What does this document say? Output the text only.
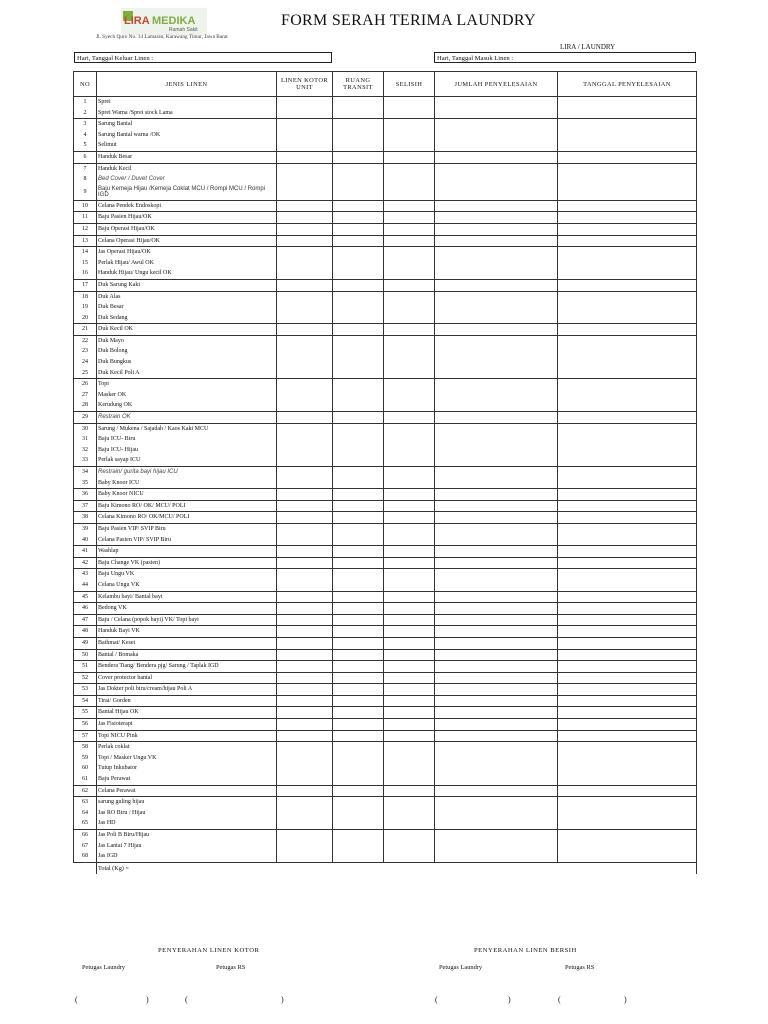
LIRA MEDIKA
Rumah Sakit
Jl. Syech Quro No. 14 Lamaran, Karawang Timur, Jawa Barat
FORM SERAH TERIMA LAUNDRY
LIRA / LAUNDRY
Hari, Tanggal Keluar Linen :	Hari, Tanggal Masuk Linen :
NO	JENIS LINEN	LINEN KOTOR UNIT	RUANG TRANSIT	SELISIH	JUMLAH PENYELESAIAN	TANGGAL PENYELESAIAN
1	Sprei					
2	Sprei Warna /Sprei stock Lama					
3	Sarung Bantal					
4	Sarung Bantal warna /OK					
5	Selimut					
6	Handuk Besar					
7	Handuk Kecil					
8	Bed Cover / Duvet Cover					
9	Baju Kemeja Hijau /Kemeja Coklat MCU / Rompi MCU / Rompi IGD					
10	Celana Pendek Endoskopi					
11	Baju Pasien Hijau/OK					
12	Baju Operasi Hijau/OK					
13	Celana Operasi Hijau/OK					
14	Jas Operasi Hijau/OK					
15	Perlak Hijau/ Awul OK					
16	Handuk Hijau/ Ungu kecil OK					
17	Duk Sarung Kaki					
18	Duk Alas					
19	Duk Besar					
20	Duk Sedang					
21	Duk Kecil OK					
22	Duk Mayo					
23	Duk Bolong					
24	Duk Bungkus					
25	Duk Kecil Poli A					
26	Topi					
27	Masker OK					
28	Kerudung OK					
29	Restrain OK					
30	Sarung / Mukena / Sajadah / Kaos Kaki MCU					
31	Baju ICU- Biru					
32	Baju ICU- Hijau					
33	Perlak sayap ICU					
34	Restrain/ gurita bayi hijau ICU					
35	Baby Knoor ICU					
36	Baby Knoor NICU					
37	Baju Kimono RO/ OK/ MCU/ POLI					
38	Celana Kimono RO/ OK/MCU/ POLI					
39	Baju Pasien VIP/ SVIP Biru					
40	Celana Pasien VIP/ SVIP Biru					
41	Washlap					
42	Baju Change VK (pasien)					
43	Baju Ungu VK					
44	Celana Ungu VK					
45	Kelambu bayi/ Bantal bayi					
46	Bedong VK					
47	Baju / Celana (popok bayi) VK/ Topi bayi					
48	Handuk Bayi VK					
49	Bathmat/ Keset					
50	Bantal / Bomaka					
51	Bendera Tiang/ Bendera pjg/ Sarung / Taplak IGD					
52	Cover protector bantal					
53	Jas Dokter poli biru/cream/hijau Poli A					
54	Tirai/ Gorden					
55	Bantal Hijau OK					
56	Jas Fisioterapi					
57	Topi NICU Pink					
58	Perlak coklat					
59	Topi / Masker Ungu VK					
60	Tutup Inkubator					
61	Baju Perawat					
62	Celana Perawat					
63	sarung guling hijau					
64	Jas RO Biru / Hijau					
65	Jas HD					
66	Jas Poli B Biru/Hijau					
67	Jas Lantai 7 Hijau					
68	Jas IGD					
	Total (Kg) =					
PENYERAHAN LINEN KOTOR	PENYERAHAN LINEN BERSIH
Petugas Laundry	Petugas RS	Petugas Laundry	Petugas RS
(	)	(	)	(	)	(	)
